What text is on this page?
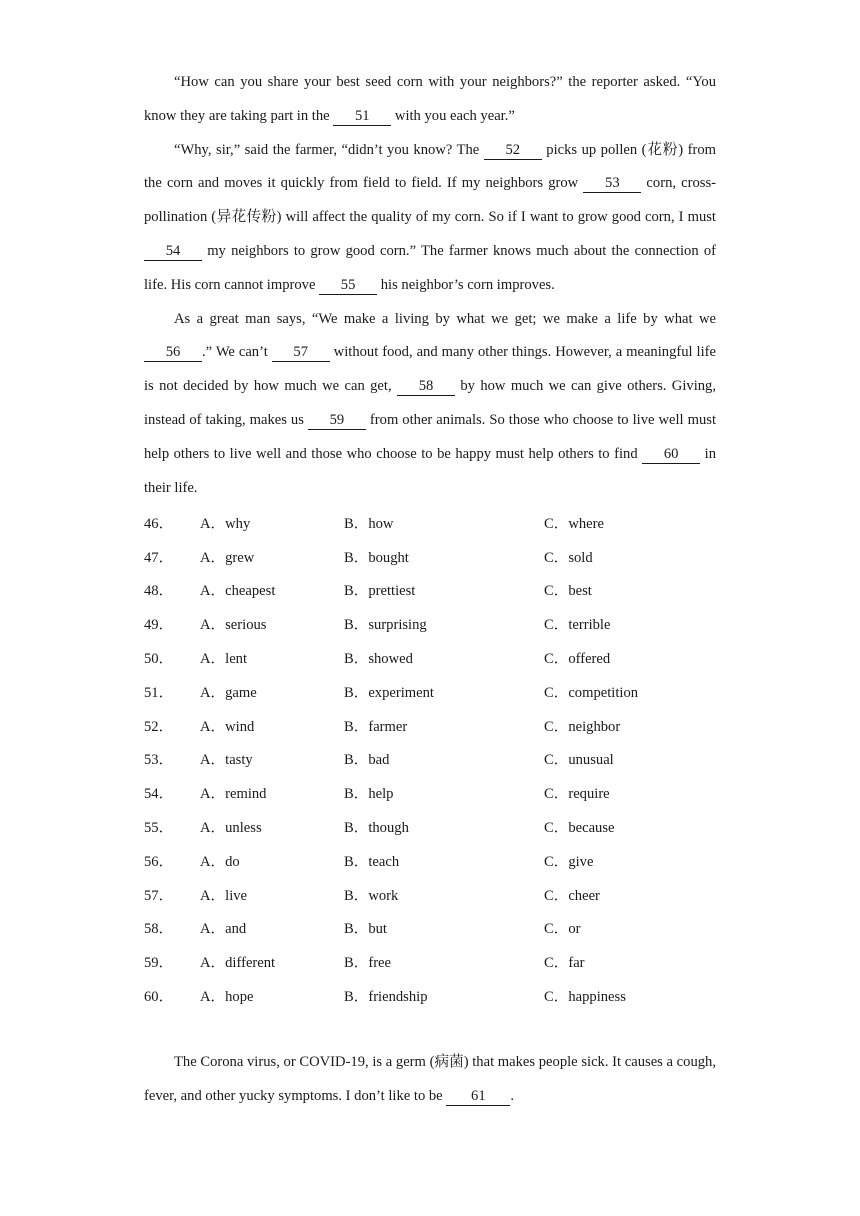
“How can you share your best seed corn with your neighbors?” the reporter asked. “You know they are taking part in the 51 with you each year.”

“Why, sir,” said the farmer, “didn’t you know? The 52 picks up pollen (花粉) from the corn and moves it quickly from field to field. If my neighbors grow 53 corn, cross-pollination (异花传粉) will affect the quality of my corn. So if I want to grow good corn, I must 54 my neighbors to grow good corn.” The farmer knows much about the connection of life. His corn cannot improve 55 his neighbor’s corn improves.

As a great man says, “We make a living by what we get; we make a life by what we 56 .” We can’t 57 without food, and many other things. However, a meaningful life is not decided by how much we can get, 58 by how much we can give others. Giving, instead of taking, makes us 59 from other animals. So those who choose to live well must help others to live well and those who choose to be happy must help others to find 60 in their life.

46．	A．why	B．how	C．where
47．	A．grew	B．bought	C．sold
48．	A．cheapest	B．prettiest	C．best
49．	A．serious	B．surprising	C．terrible
50．	A．lent	B．showed	C．offered
51．	A．game	B．experiment	C．competition
52．	A．wind	B．farmer	C．neighbor
53．	A．tasty	B．bad	C．unusual
54．	A．remind	B．help	C．require
55．	A．unless	B．though	C．because
56．	A．do	B．teach	C．give
57．	A．live	B．work	C．cheer
58．	A．and	B．but	C．or
59．	A．different	B．free	C．far
60．	A．hope	B．friendship	C．happiness

The Corona virus, or COVID-19, is a germ (病菌) that makes people sick. It causes a cough, fever, and other yucky symptoms. I don’t like to be 61 .
